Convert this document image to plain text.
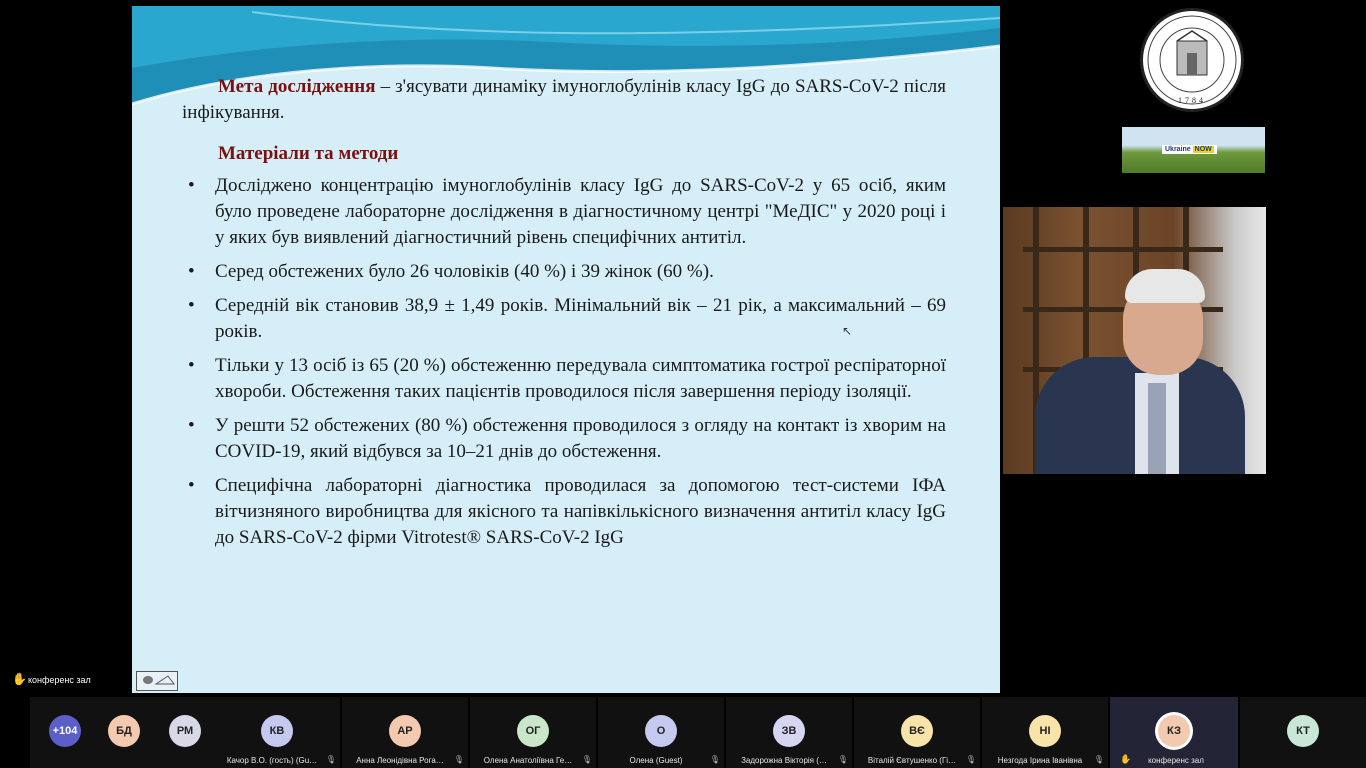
Мета дослідження – з'ясувати динаміку імуноглобулінів класу IgG до SARS-CoV-2 після інфікування.

Матеріали та методи
• Досліджено концентрацію імуноглобулінів класу IgG до SARS-CoV-2 у 65 осіб, яким було проведене лабораторне дослідження в діагностичному центрі "МеДІС" у 2020 році і у яких був виявлений діагностичний рівень специфічних антитіл.
• Серед обстежених було 26 чоловіків (40 %) і 39 жінок (60 %).
• Середній вік становив 38,9 ± 1,49 років. Мінімальний вік – 21 рік, а максимальний – 69 років.
• Тільки у 13 осіб із 65 (20 %) обстеженню передувала симптоматика гострої респіраторної хвороби. Обстеження таких пацієнтів проводилося після завершення періоду ізоляції.
• У решти 52 обстежених (80 %) обстеження проводилося з огляду на контакт із хворим на COVID-19, який відбувся за 10–21 днів до обстеження.
• Специфічна лабораторні діагностика проводилася за допомогою тест-системи ІФА вітчизняного виробництва для якісного та напівкількісного визначення антитіл класу IgG до SARS-CoV-2 фірми Vitrotest® SARS-CoV-2 IgG
↖
1784
Ukraine NOW
✋ конференс зал
+104	БД	РМ	КВ
Качор В.О. (гость) (Gu…	🎙
АР
Анна Леонідівна Рога…	🎙
ОГ
Олена Анатоліївна Ге…	🎙
О
Олена (Guest)	🎙
ЗВ
Задорожна Вікторія (…	🎙
ВЄ
Віталій Євтушенко (Гі…	🎙
НІ
Незгода Ірина Іванівна	🎙
КЗ
✋	конференс зал
КТ
